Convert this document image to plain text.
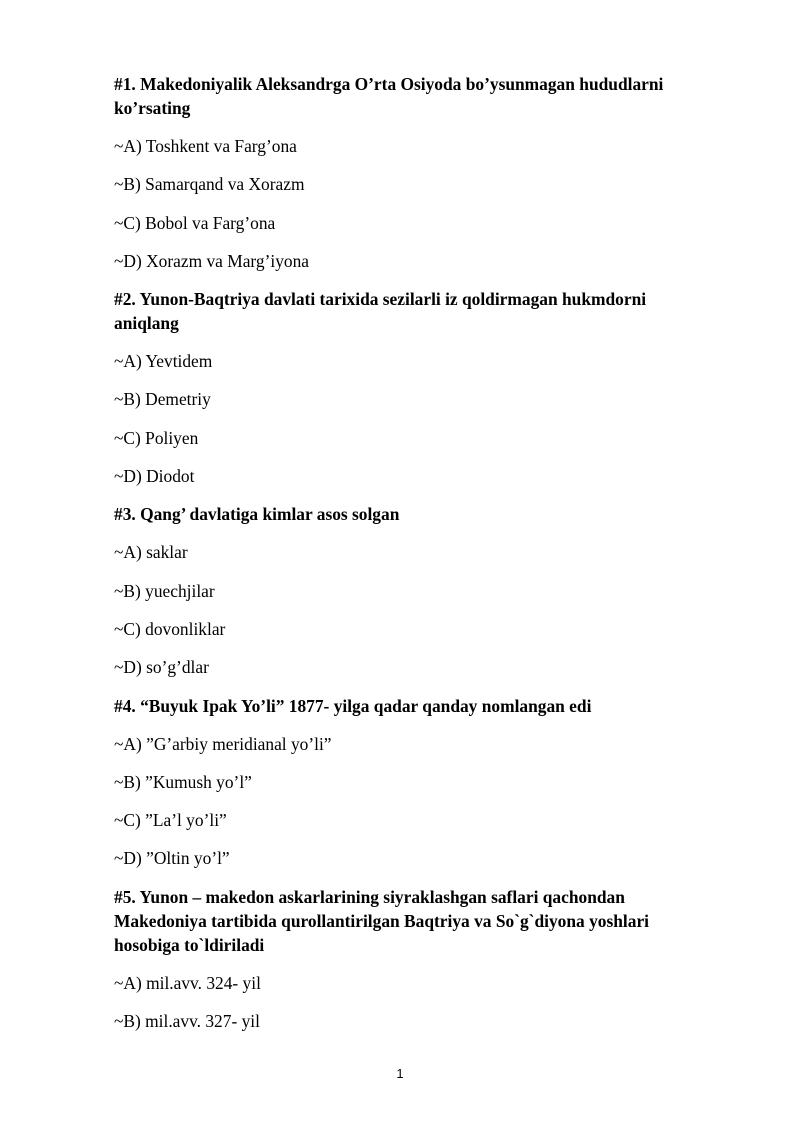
#1. Makedoniyalik Aleksandrga O’rta Osiyoda bo’ysunmagan hududlarni ko’rsating
~A) Toshkent va Farg’ona
~B) Samarqand va Xorazm
~C) Bobol va Farg’ona
~D) Xorazm va Marg’iyona
#2. Yunon-Baqtriya davlati tarixida sezilarli iz qoldirmagan hukmdorni aniqlang
~A) Yevtidem
~B) Demetriy
~C) Poliyen
~D) Diodot
#3. Qang’ davlatiga kimlar asos solgan
~A) saklar
~B) yuechjilar
~C) dovonliklar
~D) so’g’dlar
#4. “Buyuk Ipak Yo’li” 1877- yilga qadar qanday nomlangan edi
~A) ”G’arbiy meridianal yo’li”
~B) ”Kumush yo’l”
~C) ”La’l yo’li”
~D) ”Oltin yo’l”
#5. Yunon – makedon askarlarining siyraklashgan saflari qachondan Makedoniya tartibida qurollantirilgan Baqtriya va So`g`diyona yoshlari hosobiga to`ldiriladi
~A) mil.avv. 324- yil
~B) mil.avv. 327- yil
1
